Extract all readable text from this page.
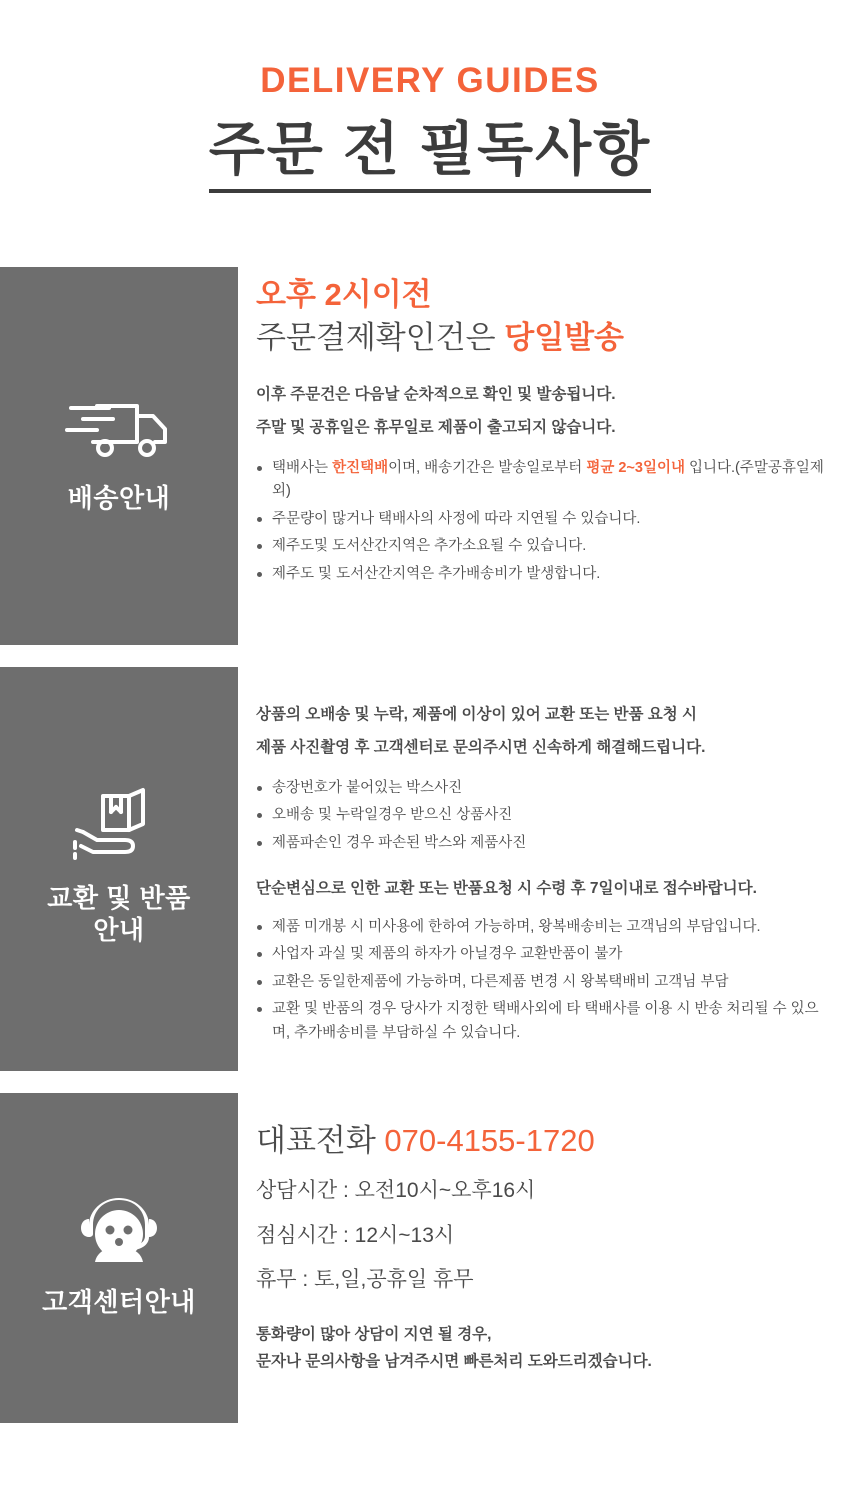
DELIVERY GUIDES
주문 전 필독사항
배송안내
오후 2시이전
주문결제확인건은 당일발송
이후 주문건은 다음날 순차적으로 확인 및 발송됩니다.
주말 및 공휴일은 휴무일로 제품이 출고되지 않습니다.
택배사는 한진택배이며, 배송기간은 발송일로부터 평균 2~3일이내 입니다.(주말공휴일제외)
주문량이 많거나 택배사의 사정에 따라 지연될 수 있습니다.
제주도및 도서산간지역은 추가소요될 수 있습니다.
제주도 및 도서산간지역은 추가배송비가 발생합니다.
교환 및 반품
안내
상품의 오배송 및 누락, 제품에 이상이 있어 교환 또는 반품 요청 시
제품 사진촬영 후 고객센터로 문의주시면 신속하게 해결해드립니다.
송장번호가 붙어있는 박스사진
오배송 및 누락일경우 받으신 상품사진
제품파손인 경우 파손된 박스와 제품사진
단순변심으로 인한 교환 또는 반품요청 시 수령 후 7일이내로 접수바랍니다.
제품 미개봉 시 미사용에 한하여 가능하며, 왕복배송비는 고객님의 부담입니다.
사업자 과실 및 제품의 하자가 아닐경우 교환반품이 불가
교환은 동일한제품에 가능하며, 다른제품 변경 시 왕복택배비 고객님 부담
교환 및 반품의 경우 당사가 지정한 택배사외에 타 택배사를 이용 시 반송 처리될 수 있으며, 추가배송비를 부담하실 수 있습니다.
고객센터안내
대표전화 070-4155-1720
상담시간 : 오전10시~오후16시
점심시간 : 12시~13시
휴무 : 토,일,공휴일 휴무
통화량이 많아 상담이 지연 될 경우,
문자나 문의사항을 남겨주시면 빠른처리 도와드리겠습니다.
